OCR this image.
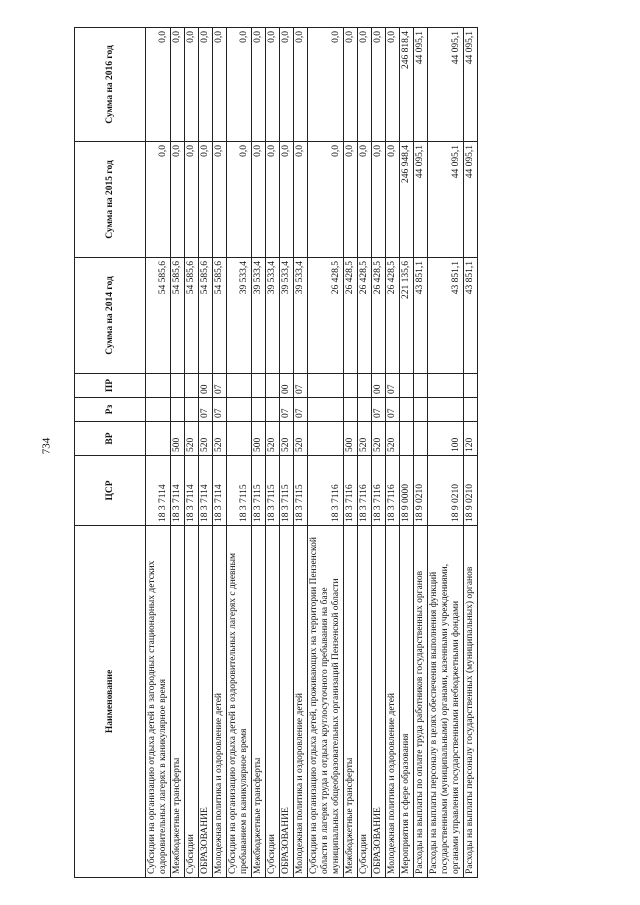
734
Наименование	ЦСР	ВР	Рз	ПР	Сумма на 2014 год	Сумма на 2015 год	Сумма на 2016 год
Субсидии на организацию отдыха детей в загородных стационарных детских оздоровительных лагерях в каникулярное время	18 3 7114				54 585,6	0,0	0,0
Межбюджетные трансферты	18 3 7114	500			54 585,6	0,0	0,0
Субсидии	18 3 7114	520			54 585,6	0,0	0,0
ОБРАЗОВАНИЕ	18 3 7114	520	07	00	54 585,6	0,0	0,0
Молодежная политика и оздоровление детей	18 3 7114	520	07	07	54 585,6	0,0	0,0
Субсидии на организацию отдыха детей в оздоровительных лагерях с дневным пребыванием в каникулярное время	18 3 7115				39 533,4	0,0	0,0
Межбюджетные трансферты	18 3 7115	500			39 533,4	0,0	0,0
Субсидии	18 3 7115	520			39 533,4	0,0	0,0
ОБРАЗОВАНИЕ	18 3 7115	520	07	00	39 533,4	0,0	0,0
Молодежная политика и оздоровление детей	18 3 7115	520	07	07	39 533,4	0,0	0,0
Субсидии на организацию отдыха детей, проживающих на территории Пензенской области в лагерях труда и отдыха круглосуточного пребывания на базе муниципальных общеобразовательных организаций Пензенской области	18 3 7116				26 428,5	0,0	0,0
Межбюджетные трансферты	18 3 7116	500			26 428,5	0,0	0,0
Субсидии	18 3 7116	520			26 428,5	0,0	0,0
ОБРАЗОВАНИЕ	18 3 7116	520	07	00	26 428,5	0,0	0,0
Молодежная политика и оздоровление детей	18 3 7116	520	07	07	26 428,5	0,0	0,0
Мероприятия в сфере образования	18 9 0000				221 135,6	246 948,4	246 818,4
Расходы на выплаты по оплате труда работников государственных органов	18 9 0210				43 851,1	44 095,1	44 095,1
Расходы на выплаты персоналу в целях обеспечения выполнения функций государственными (муниципальными) органами, казенными учреждениями, органами управления государственными внебюджетными фондами	18 9 0210	100			43 851,1	44 095,1	44 095,1
Расходы на выплаты персоналу государственных (муниципальных) органов	18 9 0210	120			43 851,1	44 095,1	44 095,1
